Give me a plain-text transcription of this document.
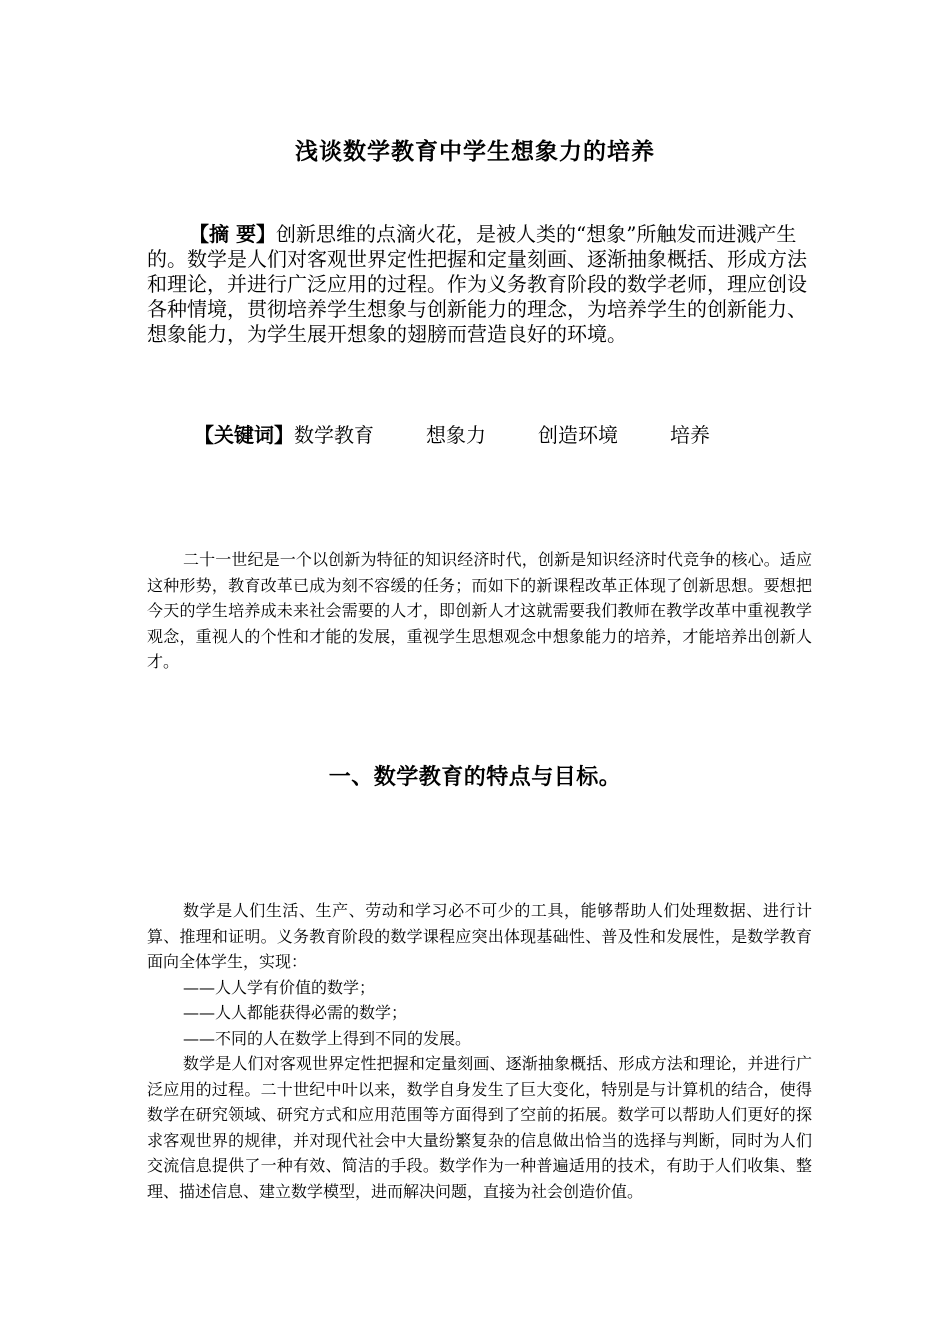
浅谈数学教育中学生想象力的培养

【摘 要】创新思维的点滴火花，是被人类的“想象”所触发而进溅产生的。数学是人们对客观世界定性把握和定量刻画、逐渐抽象概括、形成方法和理论，并进行广泛应用的过程。作为义务教育阶段的数学老师，理应创设各种情境，贯彻培养学生想象与创新能力的理念，为培养学生的创新能力、想象能力，为学生展开想象的翅膀而营造良好的环境。

【关键词】数学教育	想象力	创造环境	培养

二十一世纪是一个以创新为特征的知识经济时代，创新是知识经济时代竞争的核心。适应这种形势，教育改革已成为刻不容缓的任务；而如下的新课程改革正体现了创新思想。要想把今天的学生培养成未来社会需要的人才，即创新人才这就需要我们教师在教学改革中重视教学观念，重视人的个性和才能的发展，重视学生思想观念中想象能力的培养，才能培养出创新人才。

一、数学教育的特点与目标。

数学是人们生活、生产、劳动和学习必不可少的工具，能够帮助人们处理数据、进行计算、推理和证明。义务教育阶段的数学课程应突出体现基础性、普及性和发展性，是数学教育面向全体学生，实现：

——人人学有价值的数学；

——人人都能获得必需的数学；

——不同的人在数学上得到不同的发展。

数学是人们对客观世界定性把握和定量刻画、逐渐抽象概括、形成方法和理论，并进行广泛应用的过程。二十世纪中叶以来，数学自身发生了巨大变化，特别是与计算机的结合，使得数学在研究领域、研究方式和应用范围等方面得到了空前的拓展。数学可以帮助人们更好的探求客观世界的规律，并对现代社会中大量纷繁复杂的信息做出恰当的选择与判断，同时为人们交流信息提供了一种有效、简洁的手段。数学作为一种普遍适用的技术，有助于人们收集、整理、描述信息、建立数学模型，进而解决问题，直接为社会创造价值。
